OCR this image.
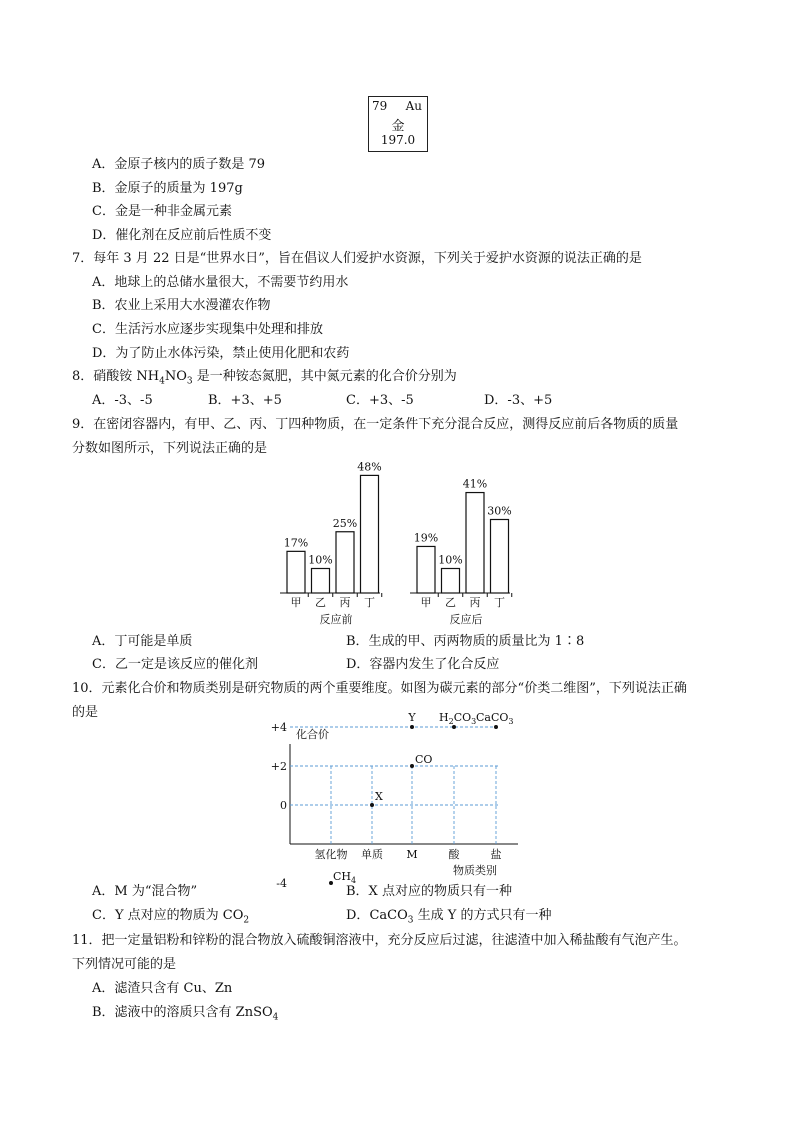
79 Au
金
197.0
A．金原子核内的质子数是 79
B．金原子的质量为 197g
C．金是一种非金属元素
D．催化剂在反应前后性质不变
7．每年 3 月 22 日是“世界水日”，旨在倡议人们爱护水资源，下列关于爱护水资源的说法正确的是
A．地球上的总储水量很大，不需要节约用水
B．农业上采用大水漫灌农作物
C．生活污水应逐步实现集中处理和排放
D．为了防止水体污染，禁止使用化肥和农药
8．硝酸铵 $NH_4NO_3$ 是一种铵态氮肥，其中氮元素的化合价分别为
A．-3、-5	B．+3、+5	C．+3、-5	D．-3、+5
9．在密闭容器内，有甲、乙、丙、丁四种物质，在一定条件下充分混合反应，测得反应前后各物质的质量
分数如图所示，下列说法正确的是
17%
甲
10%
乙
25%
丙
48%
丁
反应前
19%
甲
10%
乙
41%
丙
30%
丁
反应后
A．丁可能是单质	B．生成的甲、丙两物质的质量比为 1∶8
C．乙一定是该反应的催化剂	D．容器内发生了化合反应
10．元素化合价和物质类别是研究物质的两个重要维度。如图为碳元素的部分“价类二维图”，下列说法正确
的是
化合价
物质类别
+4
+2
0
-4
氢化物 单质 M	酸	盐
$CH_4$
X
CO
Y $H_2CO_3$ CaCO$_3$
A．M 为“混合物”	B．X 点对应的物质只有一种
C．Y 点对应的物质为 $CO_2$	D．CaCO$_3$ 生成 Y 的方式只有一种
11．把一定量铝粉和锌粉的混合物放入硫酸铜溶液中，充分反应后过滤，往滤渣中加入稀盐酸有气泡产生。
下列情况可能的是
A．滤渣只含有 Cu、Zn
B．滤液中的溶质只含有 ZnSO$_4$
